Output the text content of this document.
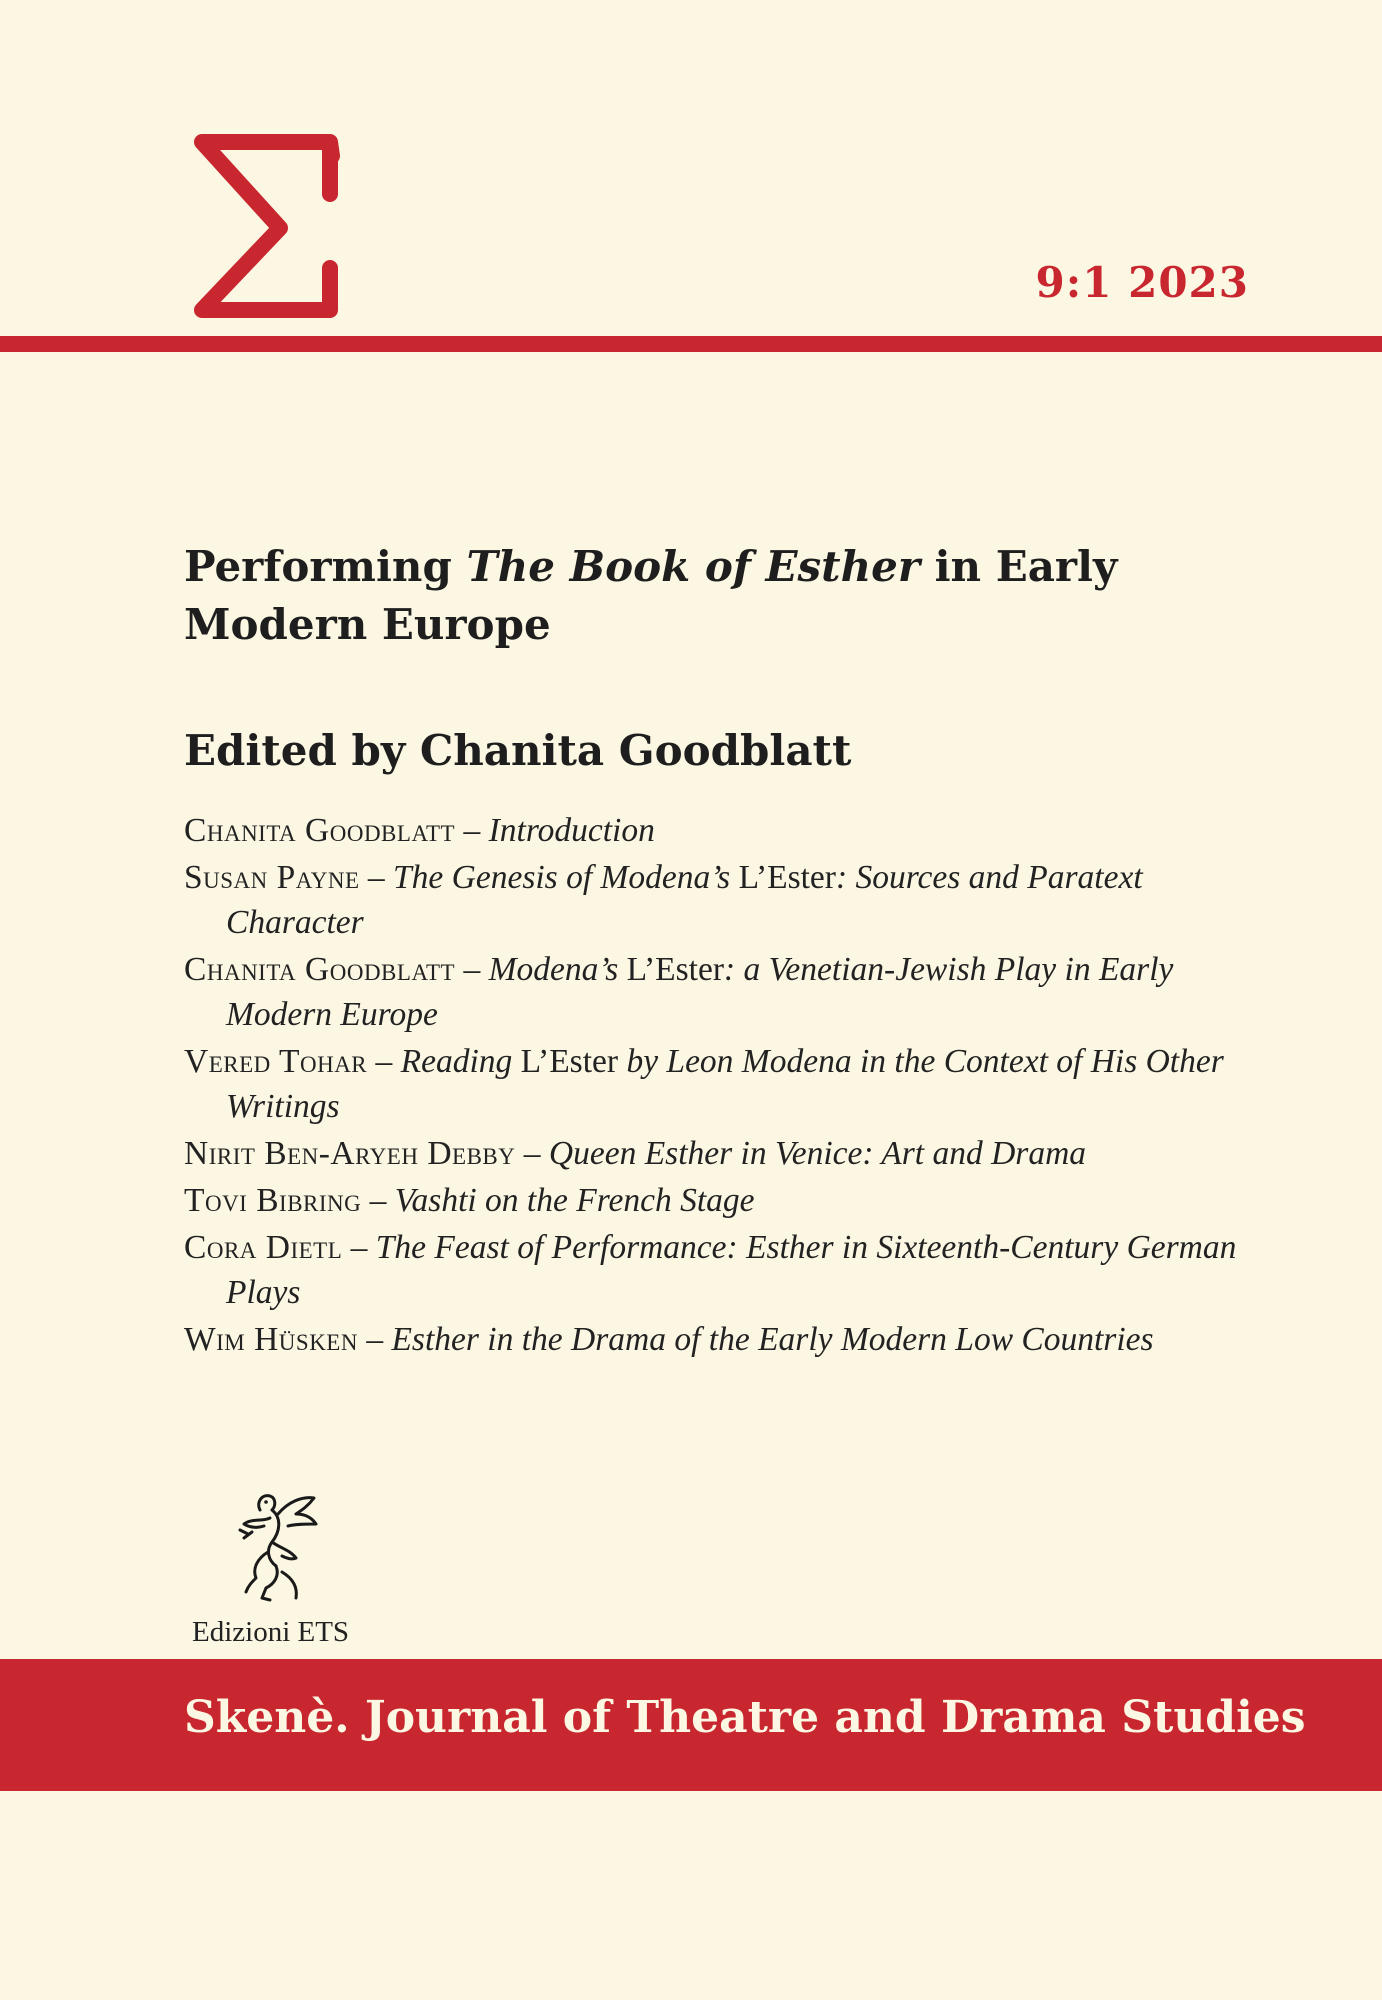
9:1 2023
Performing The Book of Esther in Early Modern Europe
Edited by Chanita Goodblatt
Chanita Goodblatt – Introduction
Susan Payne – The Genesis of Modena’s L’Ester: Sources and Paratext Character
Chanita Goodblatt – Modena’s L’Ester: a Venetian-Jewish Play in Early Modern Europe
Vered Tohar – Reading L’Ester by Leon Modena in the Context of His Other Writings
Nirit Ben-Aryeh Debby – Queen Esther in Venice: Art and Drama
Tovi Bibring – Vashti on the French Stage
Cora Dietl – The Feast of Performance: Esther in Sixteenth-Century German Plays
Wim Hüsken – Esther in the Drama of the Early Modern Low Countries
Edizioni ETS
Skenè. Journal of Theatre and Drama Studies
